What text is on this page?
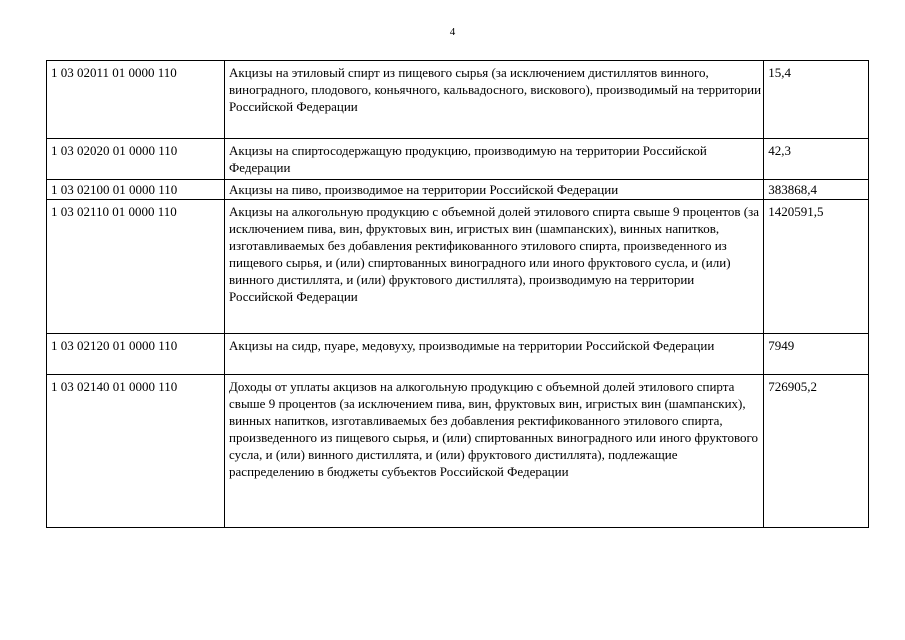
4
1 03 02011 01 0000 110	Акцизы на этиловый спирт из пищевого сырья (за исключением дистиллятов винного, виноградного, плодового, коньячного, кальвадосного, вискового), производимый на территории Российской Федерации	15,4
1 03 02020 01 0000 110	Акцизы на спиртосодержащую продукцию, производимую на территории Российской Федерации	42,3
1 03 02100 01 0000 110	Акцизы на пиво, производимое на территории Российской Федерации	383868,4
1 03 02110 01 0000 110	Акцизы на алкогольную продукцию с объемной долей этилового спирта свыше 9 процентов (за исключением пива, вин, фруктовых вин, игристых вин (шампанских), винных напитков, изготавливаемых без добавления ректификованного этилового спирта, произведенного из пищевого сырья, и (или) спиртованных виноградного или иного фруктового сусла, и (или) винного дистиллята, и (или) фруктового дистиллята), производимую на территории Российской Федерации	1420591,5
1 03 02120 01 0000 110	Акцизы на сидр, пуаре, медовуху, производимые на территории Российской Федерации	7949
1 03 02140 01 0000 110	Доходы от уплаты акцизов на алкогольную продукцию с объемной долей этилового спирта свыше 9 процентов (за исключением пива, вин, фруктовых вин, игристых вин (шампанских), винных напитков, изготавливаемых без добавления ректификованного этилового спирта, произведенного из пищевого сырья, и (или) спиртованных виноградного или иного фруктового сусла, и (или) винного дистиллята, и (или) фруктового дистиллята), подлежащие распределению в бюджеты субъектов Российской Федерации	726905,2
